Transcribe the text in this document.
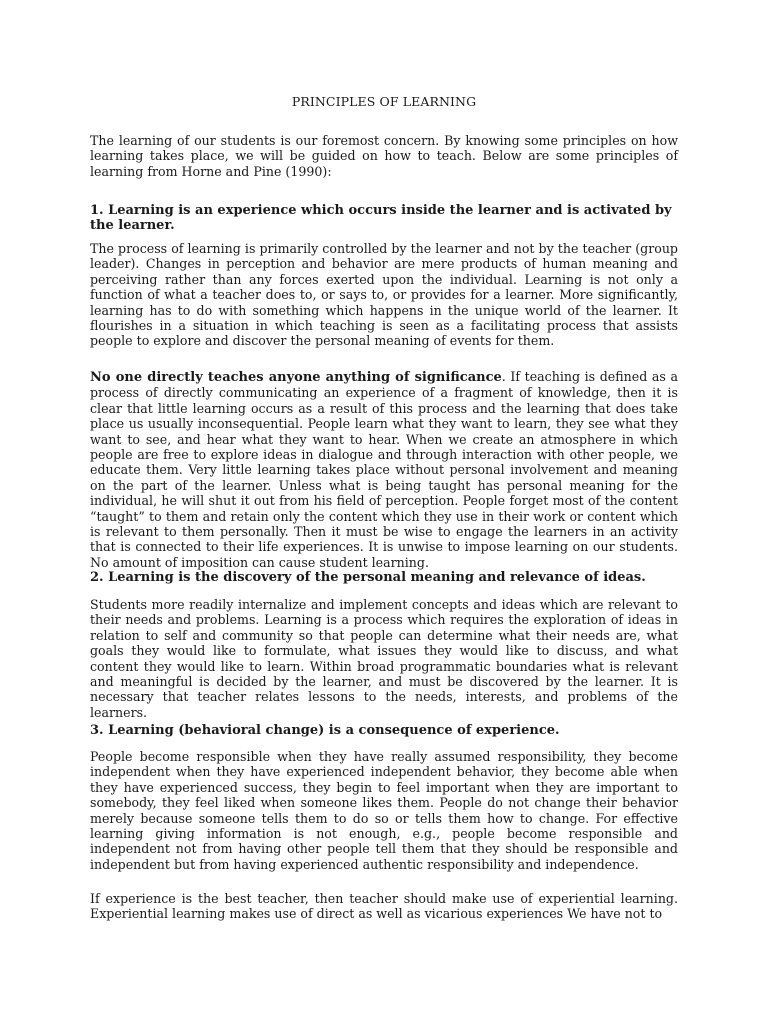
PRINCIPLES OF LEARNING
The learning of our students is our foremost concern. By knowing some principles on how learning takes place, we will be guided on how to teach. Below are some principles of learning from Horne and Pine (1990):
1. Learning is an experience which occurs inside the learner and is activated by the learner.
The process of learning is primarily controlled by the learner and not by the teacher (group leader). Changes in perception and behavior are mere products of human meaning and perceiving rather than any forces exerted upon the individual. Learning is not only a function of what a teacher does to, or says to, or provides for a learner. More significantly, learning has to do with something which happens in the unique world of the learner. It flourishes in a situation in which teaching is seen as a facilitating process that assists people to explore and discover the personal meaning of events for them.
No one directly teaches anyone anything of significance. If teaching is defined as a process of directly communicating an experience of a fragment of knowledge, then it is clear that little learning occurs as a result of this process and the learning that does take place us usually inconsequential. People learn what they want to learn, they see what they want to see, and hear what they want to hear. When we create an atmosphere in which people are free to explore ideas in dialogue and through interaction with other people, we educate them. Very little learning takes place without personal involvement and meaning on the part of the learner. Unless what is being taught has personal meaning for the individual, he will shut it out from his field of perception. People forget most of the content “taught” to them and retain only the content which they use in their work or content which is relevant to them personally. Then it must be wise to engage the learners in an activity that is connected to their life experiences. It is unwise to impose learning on our students. No amount of imposition can cause student learning.
2. Learning is the discovery of the personal meaning and relevance of ideas.
Students more readily internalize and implement concepts and ideas which are relevant to their needs and problems. Learning is a process which requires the exploration of ideas in relation to self and community so that people can determine what their needs are, what goals they would like to formulate, what issues they would like to discuss, and what content they would like to learn. Within broad programmatic boundaries what is relevant and meaningful is decided by the learner, and must be discovered by the learner. It is necessary that teacher relates lessons to the needs, interests, and problems of the learners.
3. Learning (behavioral change) is a consequence of experience.
People become responsible when they have really assumed responsibility, they become independent when they have experienced independent behavior, they become able when they have experienced success, they begin to feel important when they are important to somebody, they feel liked when someone likes them. People do not change their behavior merely because someone tells them to do so or tells them how to change. For effective learning giving information is not enough, e.g., people become responsible and independent not from having other people tell them that they should be responsible and independent but from having experienced authentic responsibility and independence.
If experience is the best teacher, then teacher should make use of experiential learning. Experiential learning makes use of direct as well as vicarious experiences We have not to
